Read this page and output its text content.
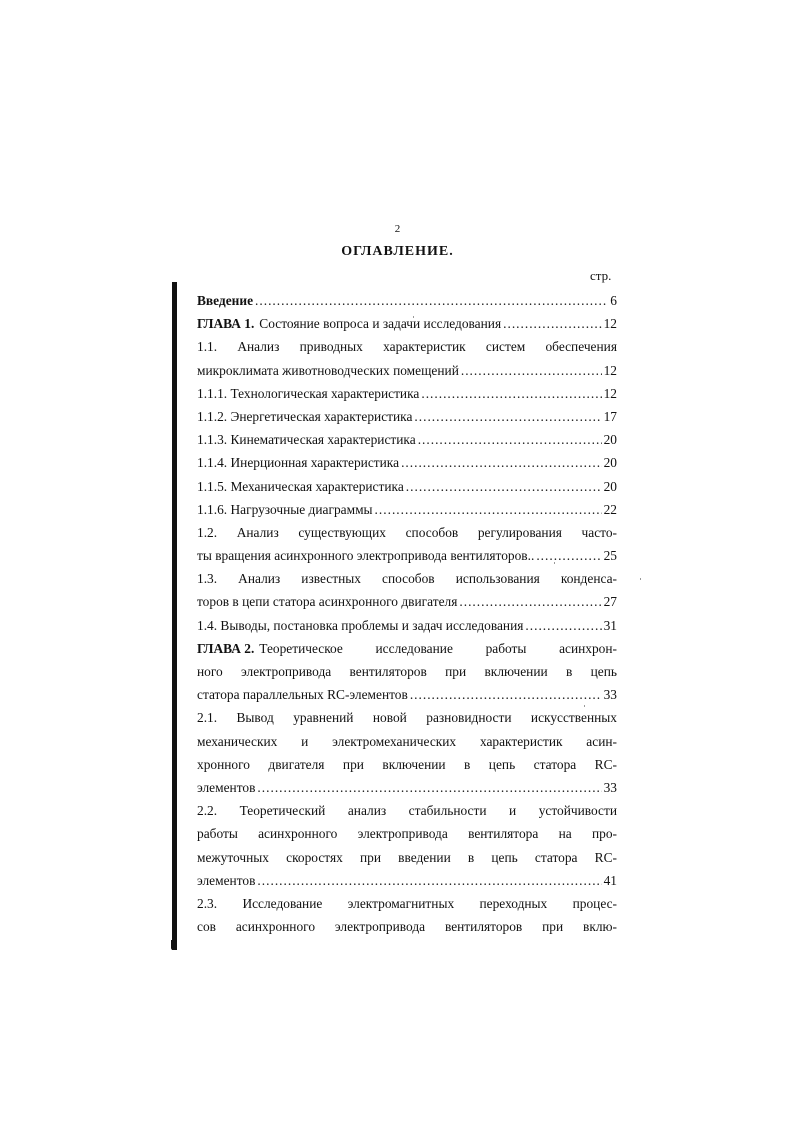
2
ОГЛАВЛЕНИЕ.
стр.
Введение .....	6
ГЛАВА 1. Состояние вопроса и задачи исследования .....	12
1.1. Анализ приводных характеристик систем обеспечения
микроклимата животноводческих помещений .....	12
1.1.1. Технологическая характеристика .....	12
1.1.2. Энергетическая характеристика .....	17
1.1.3. Кинематическая характеристика .....	20
1.1.4. Инерционная характеристика .....	20
1.1.5. Механическая характеристика .....	20
1.1.6. Нагрузочные диаграммы .....	22
1.2. Анализ существующих способов регулирования часто-
ты вращения асинхронного электропривода вентиляторов.. .....	25
1.3. Анализ известных способов использования конденса-
торов в цепи статора асинхронного двигателя .....	27
1.4. Выводы, постановка проблемы и задач исследования .....	31
ГЛАВА 2. Теоретическое исследование работы асинхрон-
ного электропривода вентиляторов при включении в цепь
статора параллельных RC-элементов .....	33
2.1. Вывод уравнений новой разновидности искусственных
механических и электромеханических характеристик асин-
хронного двигателя при включении в цепь статора RC-
элементов .....	33
2.2. Теоретический анализ стабильности и устойчивости
работы асинхронного электропривода вентилятора на про-
межуточных скоростях при введении в цепь статора RC-
элементов .....	41
2.3. Исследование электромагнитных переходных процес-
сов асинхронного электропривода вентиляторов при вклю-
